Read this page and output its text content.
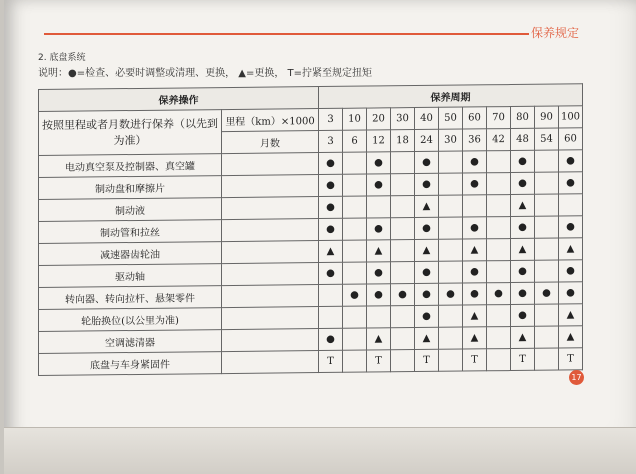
保养规定
2. 底盘系统
说明：●=检查、必要时调整或清理、更换， ▲=更换， T=拧紧至规定扭矩
保养操作		保养周期										
按照里程或者月数进行保养（以先到为准）	里程（km）×1000	3	10	20	30	40	50	60	70	80	90	100
	月数	3	6	12	18	24	30	36	42	48	54	60
电动真空泵及控制器、真空罐		●		●		●		●		●		●
制动盘和摩擦片		●		●		●		●		●		●
制动液		●				▲				▲		
制动管和拉丝		●		●		●		●		●		●
减速器齿轮油		▲		▲		▲		▲		▲		▲
驱动轴		●		●		●		●		●		●
转向器、转向拉杆、悬架零件			●	●	●	●	●	●	●	●	●	●
轮胎换位(以公里为准)						●		▲		●		▲
空调滤清器		●		▲		▲		▲		▲		▲
底盘与车身紧固件		T		T		T		T		T		T
17
